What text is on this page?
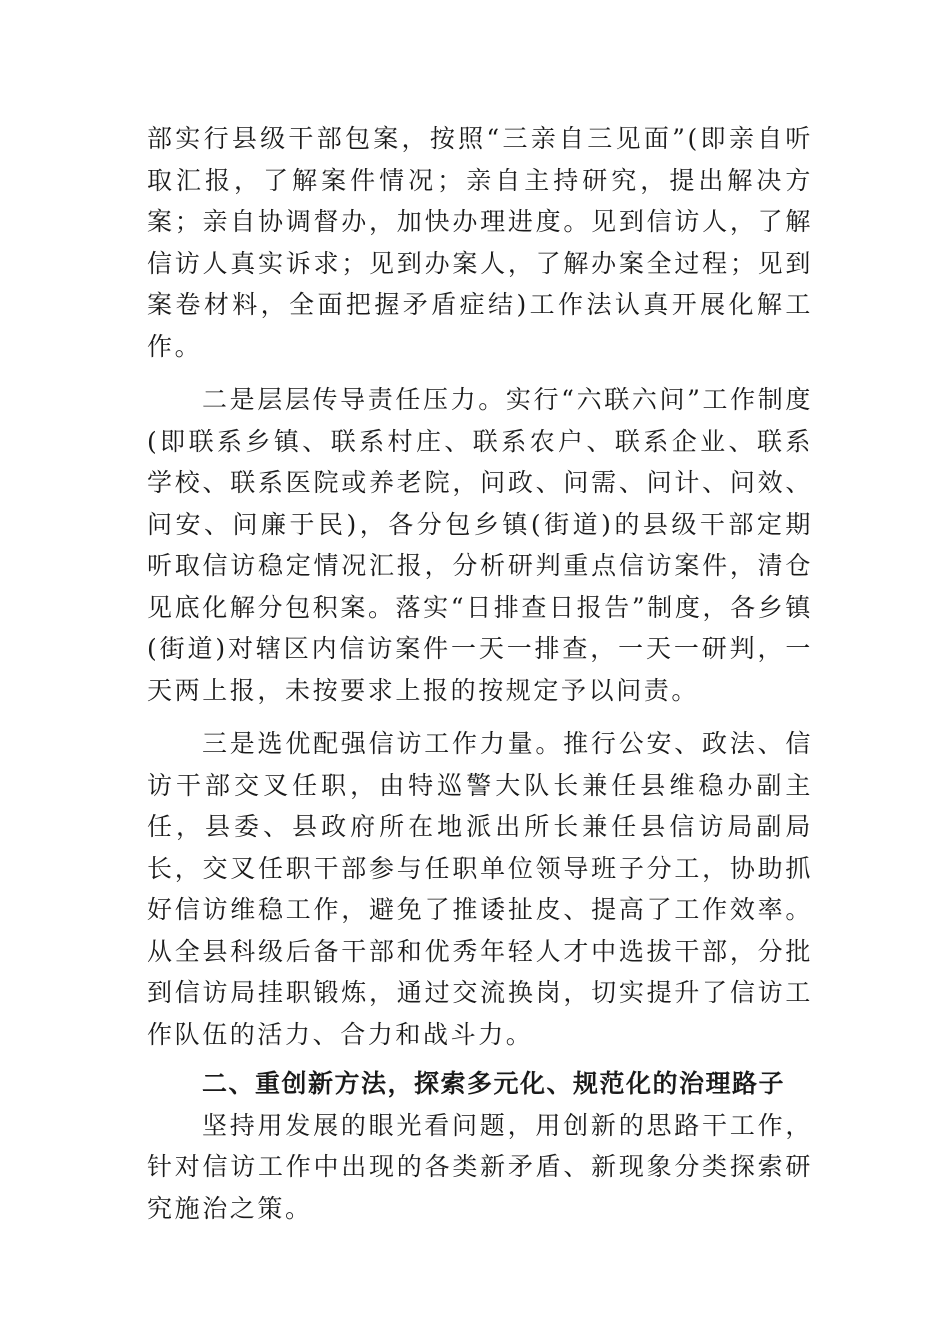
部实行县级干部包案，按照“三亲自三见面”(即亲自听取汇报，了解案件情况；亲自主持研究，提出解决方案；亲自协调督办，加快办理进度。见到信访人，了解信访人真实诉求；见到办案人，了解办案全过程；见到案卷材料，全面把握矛盾症结)工作法认真开展化解工作。

二是层层传导责任压力。实行“六联六问”工作制度(即联系乡镇、联系村庄、联系农户、联系企业、联系学校、联系医院或养老院，问政、问需、问计、问效、问安、问廉于民)，各分包乡镇(街道)的县级干部定期听取信访稳定情况汇报，分析研判重点信访案件，清仓见底化解分包积案。落实“日排查日报告”制度，各乡镇(街道)对辖区内信访案件一天一排查，一天一研判，一天两上报，未按要求上报的按规定予以问责。

三是选优配强信访工作力量。推行公安、政法、信访干部交叉任职，由特巡警大队长兼任县维稳办副主任，县委、县政府所在地派出所长兼任县信访局副局长，交叉任职干部参与任职单位领导班子分工，协助抓好信访维稳工作，避免了推诿扯皮、提高了工作效率。从全县科级后备干部和优秀年轻人才中选拔干部，分批到信访局挂职锻炼，通过交流换岗，切实提升了信访工作队伍的活力、合力和战斗力。

二、重创新方法，探索多元化、规范化的治理路子

坚持用发展的眼光看问题，用创新的思路干工作，针对信访工作中出现的各类新矛盾、新现象分类探索研究施治之策。
